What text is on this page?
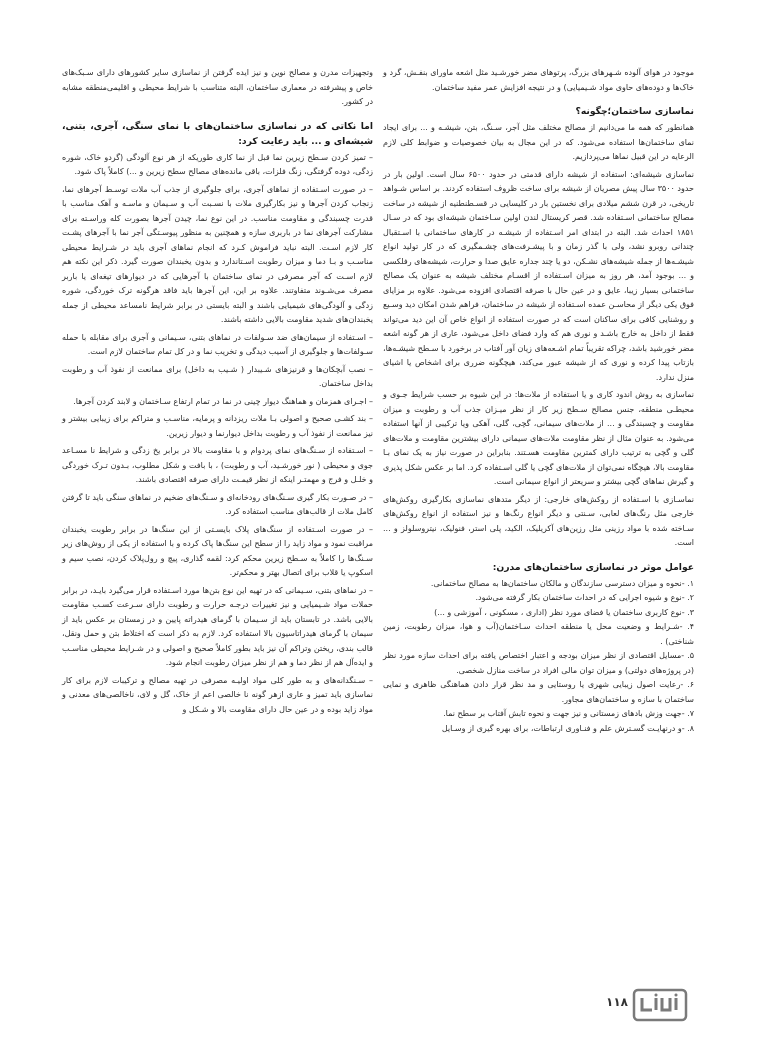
موجود در هوای آلوده شـهرهای بزرگ، پرتوهای مضر خورشـید مثل اشعه ماورای بنفـش، گرد و خاک‌ها و دوده‌های حاوی مواد شـیمیایی) و در نتیجه افزایش عمر مفید ساختمان.

نماسازی ساختمان؛چگونه؟

همانطور که همه ما می‌دانیم از مصالح مختلف مثل آجر، سـنگ، بتن، شیشـه و ... برای ایجاد نمای ساختمان‌ها استفاده می‌شود. که در این مجال به بیان خصوصیات و ضوابط کلی لازم الرعایه در این قبیل نماها می‌پردازیم.

نماسازی شیشه‌ای: استفاده از شیشه دارای قدمتی در حدود ۶۵۰۰ سال است. اولین بار در حدود ۳۵۰۰ سال پیش مصریان از شیشه برای ساخت ظروف استفاده کردند. بر اساس شـواهد تاریخی، در قرن ششم میلادی برای نخستین بار در کلیسایی در قسـطنطنیه از شیشه در ساخت مصالح ساختمانی اسـتفاده شد. قصر کریستال لندن اولین سـاختمان شیشه‌ای بود که در سـال ۱۸۵۱ احداث شد. البته در ابتدای امر اسـتفاده از شیشـه در کارهای ساختمانی با اسـتقبال چندانی روبرو نشد، ولی با گذر زمان و با پیشـرفت‌های چشـمگیری که در کار تولید انواع شیشـه‌ها از جمله شیشه‌های نشـکن، دو یا چند جداره عایق صدا و حرارت، شیشه‌های رفلکسی و ... بوجود آمد، هر روز به میزان اسـتفاده از اقسـام مختلف شیشه به عنوان یک مصالح ساختمانی بسیار زیبا، عایق و در عین حال با صرفه اقتصادی افزوده می‌شود. علاوه بر مزایای فوق یکی دیگر از محاسـن عمده اسـتفاده از شیشه در ساختمان، فراهم شدن امکان دید وسـیع و روشنایی کافی برای ساکنان است که در صورت استفاده از انواع خاص آن این دید می‌تواند فقط از داخل به خارج باشـد و نوری هم که وارد فضای داخل می‌شود، عاری از هر گونه اشعه مضر خورشید باشد، چراکه تقریباً تمام اشـعه‌های زیان آور آفتاب در برخورد با سـطح شیشـه‌ها، بازتاب پیدا کرده و نوری که از شیشه عبور می‌کند، هیچگونه ضرری برای اشخاص یا اشیای منزل ندارد.

نماسازی به روش اندود کاری و یا استفاده از ملات‌ها: در این شیوه بر حسب شرایط جـوی و محیطـی منطقه، جنس مصالح سـطح زیر کار از نظر میـزان جذب آب و رطوبت و میزان مقاومت و چسبندگی و ... از ملات‌های سیمانی، گچی، گلی، آهکی ویا ترکیبی از آنها استفاده می‌شود. به عنوان مثال از نظر مقاومت ملات‌های سیمانی دارای بیشترین مقاومت و ملات‌های گلی و گچی به ترتیب دارای کمترین مقاومت هسـتند. بنابراین در صورت نیاز به یک نمای بـا مقاومت بالا، هیچگاه نمی‌توان از ملات‌های گچی یا گلی اسـتفاده کرد. اما بر عکس شکل پذیری و گیرش نماهای گچی بیشتر و سریعتر از انواع سیمانی است.

نماسـازی با اسـتفاده از روکش‌های خارجی: از دیگر متدهای نماسازی بکارگیری روکش‌های خارجی مثل رنگ‌های لعابی، سـنتی و دیگر انواع رنگ‌ها و نیز استفاده از انواع روکش‌های سـاخته شده با مواد رزینی مثل رزین‌های آکریلیک، الکید، پلی استر، فنولیک، نیتروسلولز و ... است.

عوامل موثر در نماسازی ساختمان‌های مدرن:
۱. -نحوه و میزان دسترسی سازندگان و مالکان ساختمان‌ها به مصالح ساختمانی.
۲. -نوع و شیوه اجرایی که در احداث ساختمان بکار گرفته می‌شود.
۳. -نوع کاربری ساختمان یا فضای مورد نظر (اداری ، مسکونی ، آموزشی و ...)
۴. -شـرایط و وضعیت محل یا منطقه احداث سـاختمان(آب و هوا، میزان رطوبت، زمین شناختی) .
۵. -مسایل اقتصادی از نظر میزان بودجه و اعتبار اختصاص یافته برای احداث سازه مورد نظر (در پروژه‌های دولتی) و میزان توان مالی افراد در ساخت منازل شخصی.
۶. -رعایت اصول زیبایی شهری یا روستایی و مد نظر قرار دادن هماهنگی ظاهری و نمایی ساختمان با سازه و ساختمان‌های مجاور.
۷. -جهت وزش بادهای زمستانی و نیز جهت و نحوه تابش آفتاب بر سطح نما.
۸. -و درنهایـت گسـترش علم و فنـاوری ارتباطات، برای بهره گیری از وسـایل

وتجهیزات مدرن و مصالح نوین و نیز ایده گرفتن از نماسازی سایر کشورهای دارای سـبک‌های خاص و پیشرفته در معماری ساختمان، البته متناسب با شرایط محیطی و اقلیمی‌منطقه مشابه در کشور.

اما نکاتی که در نماسازی ساختمان‌های با نمای سنگی، آجری، بتنی، شیشه‌ای و ... باید رعایت کرد:

– تمیز کردن سـطح زیرین نما قبل از نما کاری طوریکه از هر نوع آلودگی (گردو خاک، شوره زدگی، دوده گرفتگی، زنگ فلزات، باقی مانده‌های مصالح سطح زیرین و ...) کاملاً پاک شود.

– در صورت اسـتفاده از نماهای آجری، برای جلوگیری از جذب آب ملات توسـط آجرهای نما، زنجاب کردن آجرها و نیز بکارگیری ملات با نسـبت آب و سـیمان و ماسـه و آهک مناسب با قدرت چسبندگی و مقاومت مناسب. در این نوع نما، چیدن آجرها بصورت کله وراسـته برای مشارکت آجرهای نما در باربری سازه و همچنین به منظور پیوسـتگی آجر نما با آجرهای پشـت کار لازم اسـت. البته نباید فراموش کـرد که انجام نماهای آجری باید در شـرایط محیطی مناسـب و بـا دما و میزان رطوبت اسـتاندارد و بدون یخبندان صورت گیرد. ذکر این نکته هم لازم اسـت که آجر مصرفی در نمای ساختمان با آجرهایی که در دیوارهای تیغه‌ای یا باربر مصرف می‌شـوند متفاوتند. علاوه بر این، این آجرها باید فاقد هرگونه ترک خوردگی، شوره زدگی و آلودگی‌های شیمیایی باشند و البته بایستی در برابر شرایط نامساعد محیطی از جمله یخبندان‌های شدید مقاومت بالایی داشته باشند.

– اسـتفاده از سیمان‌های ضد سـولفات در نماهای بتنی، سـیمانی و آجری برای مقابله با حمله سـولفات‌ها و جلوگیری از آسیب دیدگی و تخریب نما و در کل تمام ساختمان لازم است.

– نصب آبچکان‌ها و قرنیزهای شـیبدار ( شـیب به داخل) برای ممانعت از نفوذ آب و رطوبت بداخل ساختمان.

– اجـرای همزمان و هماهنگ دیوار چینی در نما در تمام ارتفاع سـاختمان و لابند کردن آجرها.

– بند کشـی صحیح و اصولی بـا ملات ریزدانه و پرمایه، مناسـب و متراکم برای زیبایی بیشتر و نیز ممانعت از نفوذ آب و رطوبت بداخل دیوارنما و دیوار زیرین.

– اسـتفاده از سـنگ‌های نمای پردوام و با مقاومت بالا در برابر یخ زدگی و شرایط نا مسـاعد جوی و محیطی ( نور خورشـید، آب و رطوبت) ، با بافت و شکل مطلوب، بـدون تـرک خوردگی و خلـل و فرج و مهمتـر اینکه از نظر قیمـت دارای صرفه اقتصادی باشند.

– در صـورت بکار گیری سـنگ‌های رودخانه‌ای و سـنگ‌های ضخیم در نماهای سنگی باید تا گرفتن کامل ملات از قالب‌های مناسب استفاده کرد.

– در صورت اسـتفاده از سنگ‌های پلاک بایسـتی از این سنگ‌ها در برابر رطوبت یخبندان مراقبت نمود و مواد زاید را از سطح این سنگ‌ها پاک کرده و با استفاده از یکی از روش‌های زیر سـنگ‌ها را کاملاً به سـطح زیرین محکم کرد: لقمه گذاری، پیچ و رول‌پلاک کردن، نصب سیم و اسکوپ یا قلاب برای اتصال بهتر و محکم‌تر.

– در نماهای بتنی، سـیمانی که در تهیه این نوع بتن‌ها مورد اسـتفاده قرار می‌گیرد بایـد، در برابر حملات مواد شـیمیایی و نیز تغییرات درجـه حرارت و رطوبت دارای سـرعت کسـب مقاومت بالایی باشد. در تابستان باید از سـیمان با گرمای هیدراته پایین و در زمستان بر عکس باید از سیمان با گرمای هیدراتاسیون بالا استفاده کرد. لازم به ذکر است که اختلاط بتن و حمل ونقل، قالب بندی، ریختن وتراکم آن نیز باید بطور کاملاً صحیح و اصولی و در شـرایط محیطی مناسـب و ایده‌آل هم از نظر دما و هم از نظر میزان رطوبت انجام شود.

– سـنگدانه‌های و به طور کلی مواد اولیـه مصرفی در تهیه مصالح و ترکیبات لازم برای کار نماسازی باید تمیز و عاری ازهر گونه نا خالصی اعم از خاک، گل و لای، ناخالصی‌های معدنی و مواد زاید بوده و در عین حال دارای مقاومت بالا و شـکل و

۱۱۸
